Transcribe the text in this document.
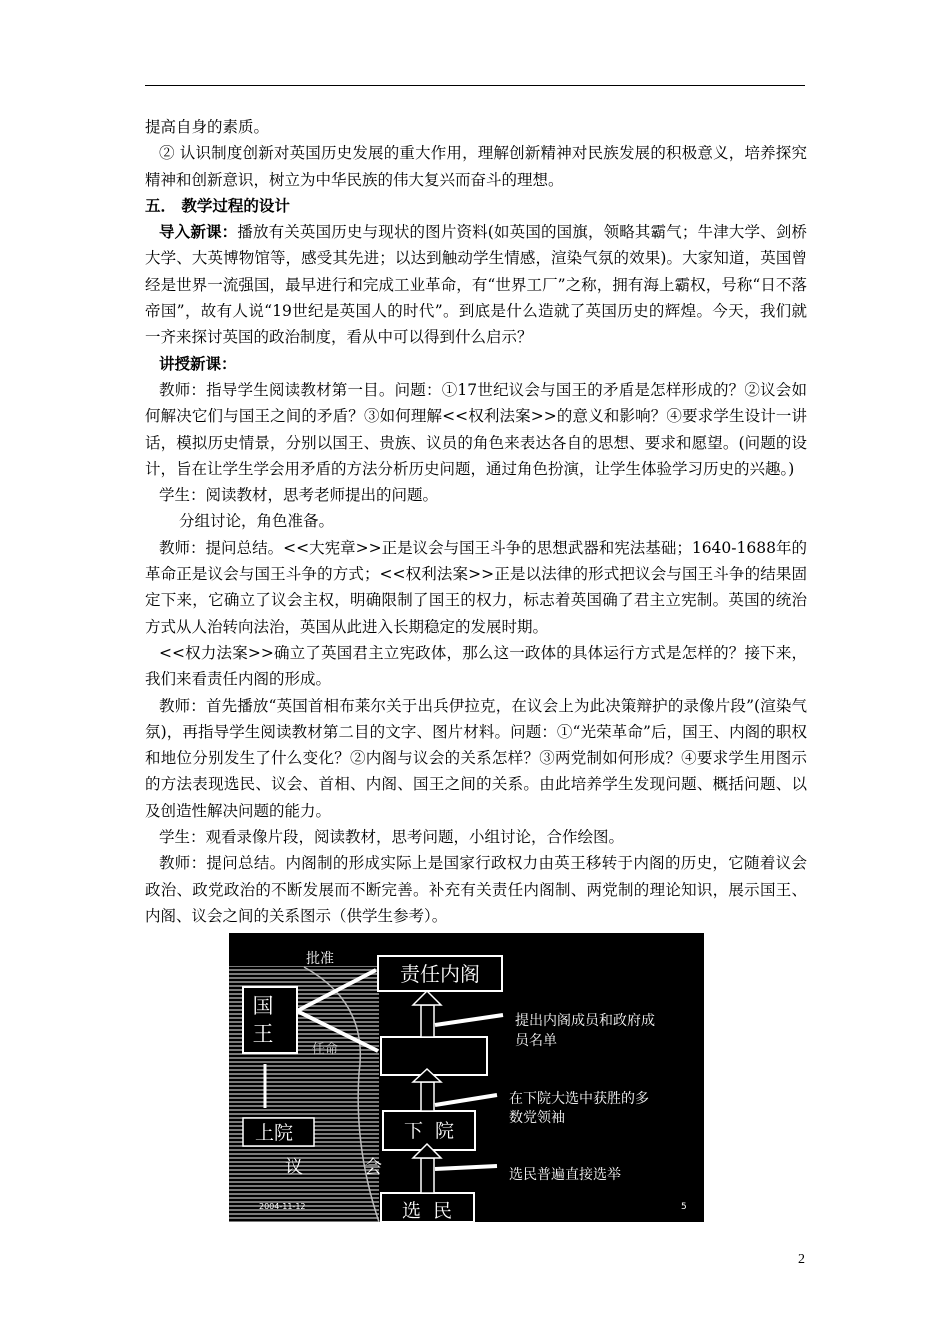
提高自身的素质。

② 认识制度创新对英国历史发展的重大作用，理解创新精神对民族发展的积极意义，培养探究精神和创新意识，树立为中华民族的伟大复兴而奋斗的理想。

五． 教学过程的设计

导入新课：播放有关英国历史与现状的图片资料(如英国的国旗，领略其霸气；牛津大学、剑桥大学、大英博物馆等，感受其先进；以达到触动学生情感，渲染气氛的效果)。大家知道，英国曾经是世界一流强国，最早进行和完成工业革命，有“世界工厂”之称，拥有海上霸权，号称“日不落帝国”，故有人说“19世纪是英国人的时代”。到底是什么造就了英国历史的辉煌。今天，我们就一齐来探讨英国的政治制度，看从中可以得到什么启示？

讲授新课：

教师：指导学生阅读教材第一目。问题：①17世纪议会与国王的矛盾是怎样形成的？②议会如何解决它们与国王之间的矛盾？③如何理解<<权利法案>>的意义和影响？④要求学生设计一讲话，模拟历史情景，分别以国王、贵族、议员的角色来表达各自的思想、要求和愿望。(问题的设计，旨在让学生学会用矛盾的方法分析历史问题，通过角色扮演，让学生体验学习历史的兴趣。)

学生：阅读教材，思考老师提出的问题。

分组讨论，角色准备。

教师：提问总结。<<大宪章>>正是议会与国王斗争的思想武器和宪法基础；1640-1688年的革命正是议会与国王斗争的方式；<<权利法案>>正是以法律的形式把议会与国王斗争的结果固定下来，它确立了议会主权，明确限制了国王的权力，标志着英国确了君主立宪制。英国的统治方式从人治转向法治，英国从此进入长期稳定的发展时期。

<<权力法案>>确立了英国君主立宪政体，那么这一政体的具体运行方式是怎样的？接下来，我们来看责任内阁的形成。

教师：首先播放“英国首相布莱尔关于出兵伊拉克，在议会上为此决策辩护的录像片段”(渲染气氛)，再指导学生阅读教材第二目的文字、图片材料。问题：①“光荣革命”后，国王、内阁的职权和地位分别发生了什么变化？②内阁与议会的关系怎样？③两党制如何形成？④要求学生用图示的方法表现选民、议会、首相、内阁、国王之间的关系。由此培养学生发现问题、概括问题、以及创造性解决问题的能力。

学生：观看录像片段，阅读教材，思考问题，小组讨论，合作绘图。

教师：提问总结。内阁制的形成实际上是国家行政权力由英王移转于内阁的历史，它随着议会政治、政党政治的不断发展而不断完善。补充有关责任内阁制、两党制的理论知识，展示国王、内阁、议会之间的关系图示（供学生参考）。

批准
责任内阁
国
王
任命
上院	下  院
议	会
选  民
提出内阁成员和政府成
员名单
在下院大选中获胜的多
数党领袖
选民普遍直接选举
2004-11-12	5
2
